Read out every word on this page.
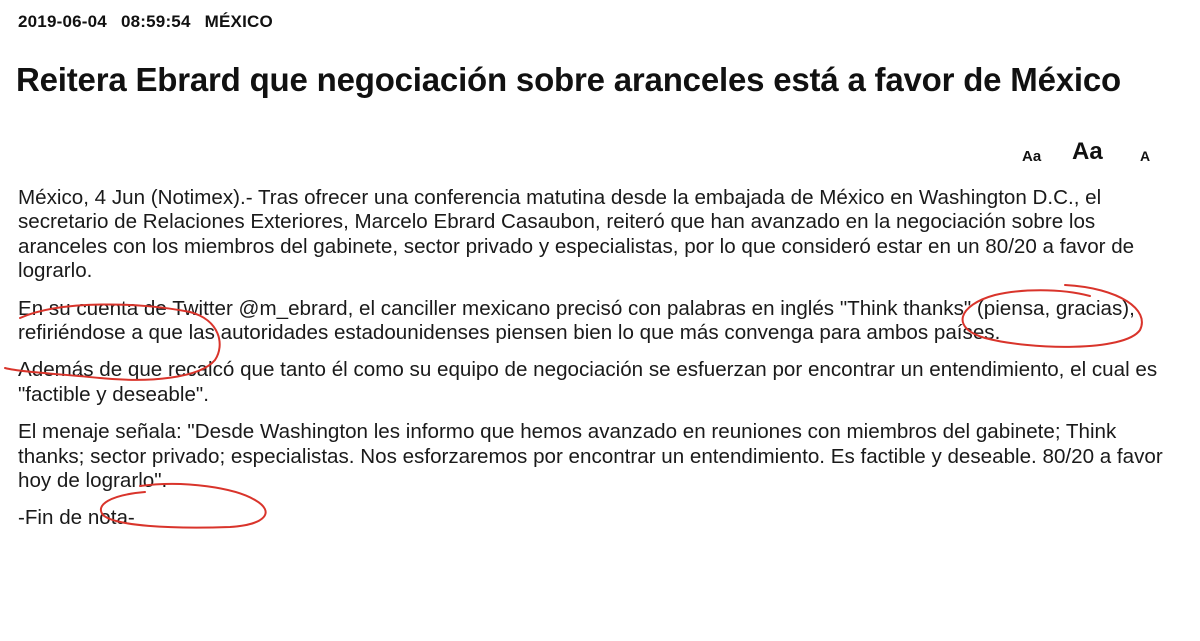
2019-06-04 08:59:54 MÉXICO
Reitera Ebrard que negociación sobre aranceles está a favor de México
Aa Aa	A

México, 4 Jun (Notimex).- Tras ofrecer una conferencia matutina desde la embajada de México en Washington D.C., el secretario de Relaciones Exteriores, Marcelo Ebrard Casaubon, reiteró que han avanzado en la negociación sobre los aranceles con los miembros del gabinete, sector privado y especialistas, por lo que consideró estar en un 80/20 a favor de lograrlo.

En su cuenta de Twitter @m_ebrard, el canciller mexicano precisó con palabras en inglés "Think thanks" (piensa, gracias), refiriéndose a que las autoridades estadounidenses piensen bien lo que más convenga para ambos países.

Además de que recalcó que tanto él como su equipo de negociación se esfuerzan por encontrar un entendimiento, el cual es "factible y deseable".

El menaje señala: "Desde Washington les informo que hemos avanzado en reuniones con miembros del gabinete; Think thanks; sector privado; especialistas. Nos esforzaremos por encontrar un entendimiento. Es factible y deseable. 80/20 a favor hoy de lograrlo".

-Fin de nota-
